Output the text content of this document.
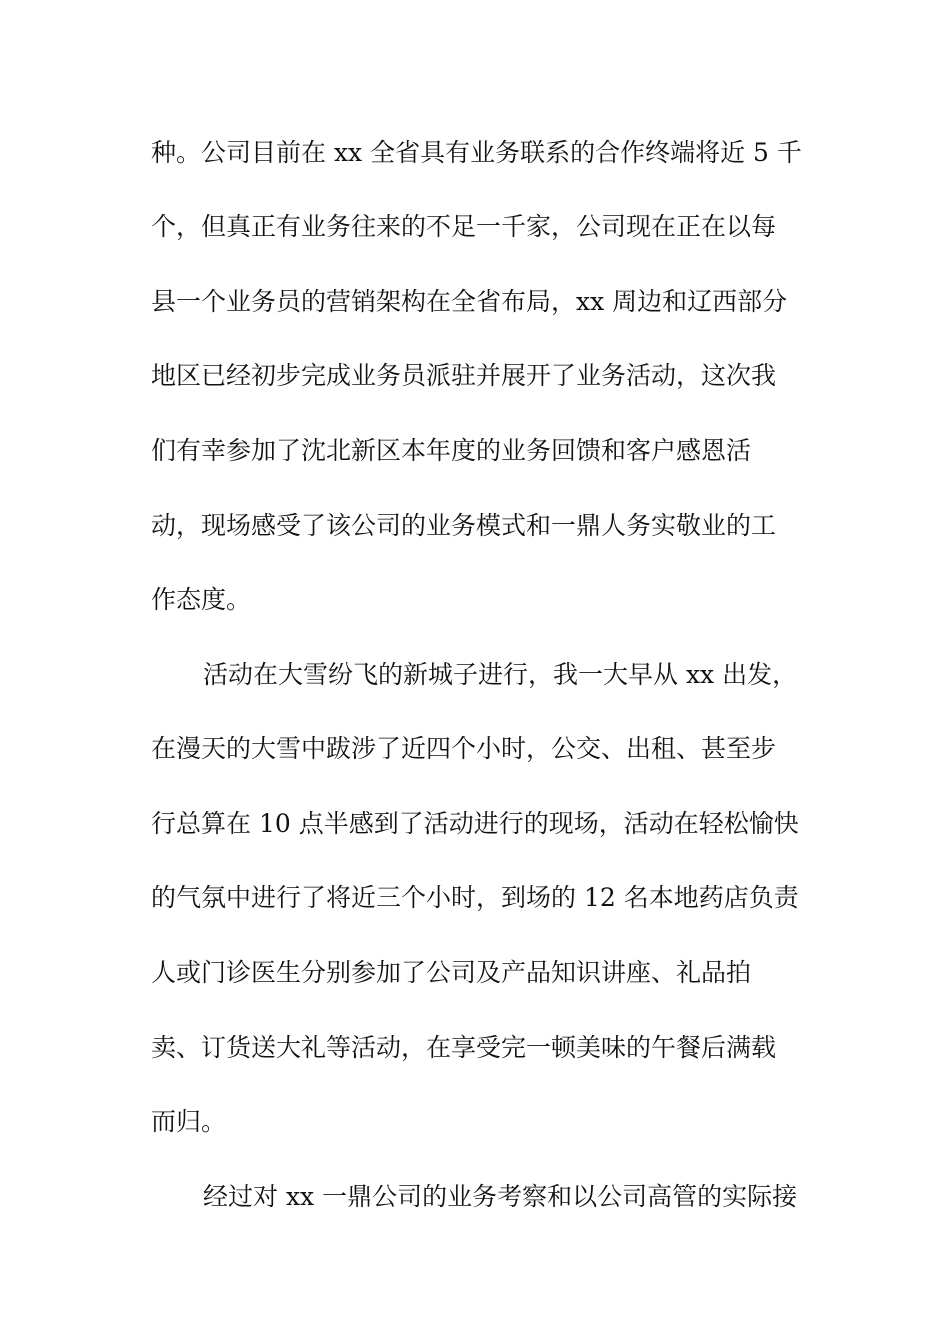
种。公司目前在 xx 全省具有业务联系的合作终端将近 5 千
个，但真正有业务往来的不足一千家，公司现在正在以每
县一个业务员的营销架构在全省布局，xx 周边和辽西部分
地区已经初步完成业务员派驻并展开了业务活动，这次我
们有幸参加了沈北新区本年度的业务回馈和客户感恩活
动，现场感受了该公司的业务模式和一鼎人务实敬业的工
作态度。
活动在大雪纷飞的新城子进行，我一大早从 xx 出发，
在漫天的大雪中跋涉了近四个小时，公交、出租、甚至步
行总算在 10 点半感到了活动进行的现场，活动在轻松愉快
的气氛中进行了将近三个小时，到场的 12 名本地药店负责
人或门诊医生分别参加了公司及产品知识讲座、礼品拍
卖、订货送大礼等活动，在享受完一顿美味的午餐后满载
而归。
经过对 xx 一鼎公司的业务考察和以公司高管的实际接
